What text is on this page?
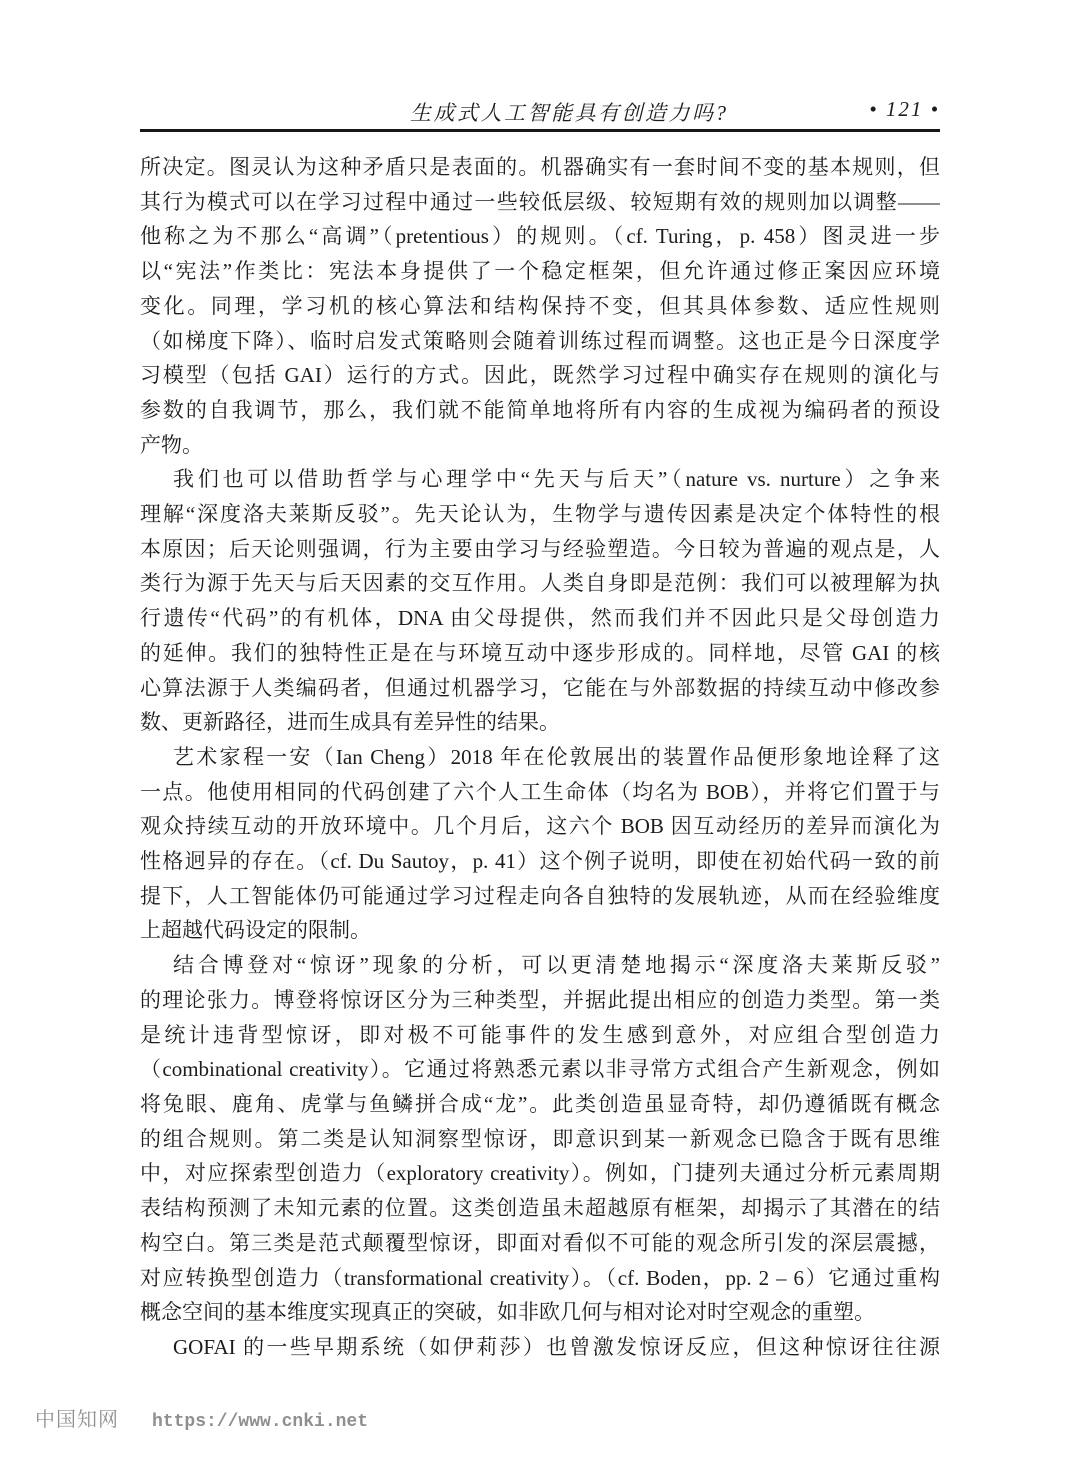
生成式人工智能具有创造力吗?	• 121 •
所决定。图灵认为这种矛盾只是表面的。机器确实有一套时间不变的基本规则，但
其行为模式可以在学习过程中通过一些较低层级、较短期有效的规则加以调整——
他称之为不那么“高调”（pretentious）的规则。（cf. Turing，p. 458）图灵进一步
以“宪法”作类比：宪法本身提供了一个稳定框架，但允许通过修正案因应环境
变化。同理，学习机的核心算法和结构保持不变，但其具体参数、适应性规则
（如梯度下降）、临时启发式策略则会随着训练过程而调整。这也正是今日深度学
习模型（包括 GAI）运行的方式。因此，既然学习过程中确实存在规则的演化与
参数的自我调节，那么，我们就不能简单地将所有内容的生成视为编码者的预设
产物。
我们也可以借助哲学与心理学中“先天与后天”（nature vs. nurture）之争来
理解“深度洛夫莱斯反驳”。先天论认为，生物学与遗传因素是决定个体特性的根
本原因；后天论则强调，行为主要由学习与经验塑造。今日较为普遍的观点是，人
类行为源于先天与后天因素的交互作用。人类自身即是范例：我们可以被理解为执
行遗传“代码”的有机体，DNA 由父母提供，然而我们并不因此只是父母创造力
的延伸。我们的独特性正是在与环境互动中逐步形成的。同样地，尽管 GAI 的核
心算法源于人类编码者，但通过机器学习，它能在与外部数据的持续互动中修改参
数、更新路径，进而生成具有差异性的结果。
艺术家程一安（Ian Cheng）2018 年在伦敦展出的装置作品便形象地诠释了这
一点。他使用相同的代码创建了六个人工生命体（均名为 BOB），并将它们置于与
观众持续互动的开放环境中。几个月后，这六个 BOB 因互动经历的差异而演化为
性格迥异的存在。（cf. Du Sautoy，p. 41）这个例子说明，即使在初始代码一致的前
提下，人工智能体仍可能通过学习过程走向各自独特的发展轨迹，从而在经验维度
上超越代码设定的限制。
结合博登对“惊讶”现象的分析，可以更清楚地揭示“深度洛夫莱斯反驳”
的理论张力。博登将惊讶区分为三种类型，并据此提出相应的创造力类型。第一类
是统计违背型惊讶，即对极不可能事件的发生感到意外，对应组合型创造力
（combinational creativity）。它通过将熟悉元素以非寻常方式组合产生新观念，例如
将兔眼、鹿角、虎掌与鱼鳞拼合成“龙”。此类创造虽显奇特，却仍遵循既有概念
的组合规则。第二类是认知洞察型惊讶，即意识到某一新观念已隐含于既有思维
中，对应探索型创造力（exploratory creativity）。例如，门捷列夫通过分析元素周期
表结构预测了未知元素的位置。这类创造虽未超越原有框架，却揭示了其潜在的结
构空白。第三类是范式颠覆型惊讶，即面对看似不可能的观念所引发的深层震撼，
对应转换型创造力（transformational creativity）。（cf. Boden，pp. 2 – 6）它通过重构
概念空间的基本维度实现真正的突破，如非欧几何与相对论对时空观念的重塑。
GOFAI 的一些早期系统（如伊莉莎）也曾激发惊讶反应，但这种惊讶往往源
中国知网 https://www.cnki.net
